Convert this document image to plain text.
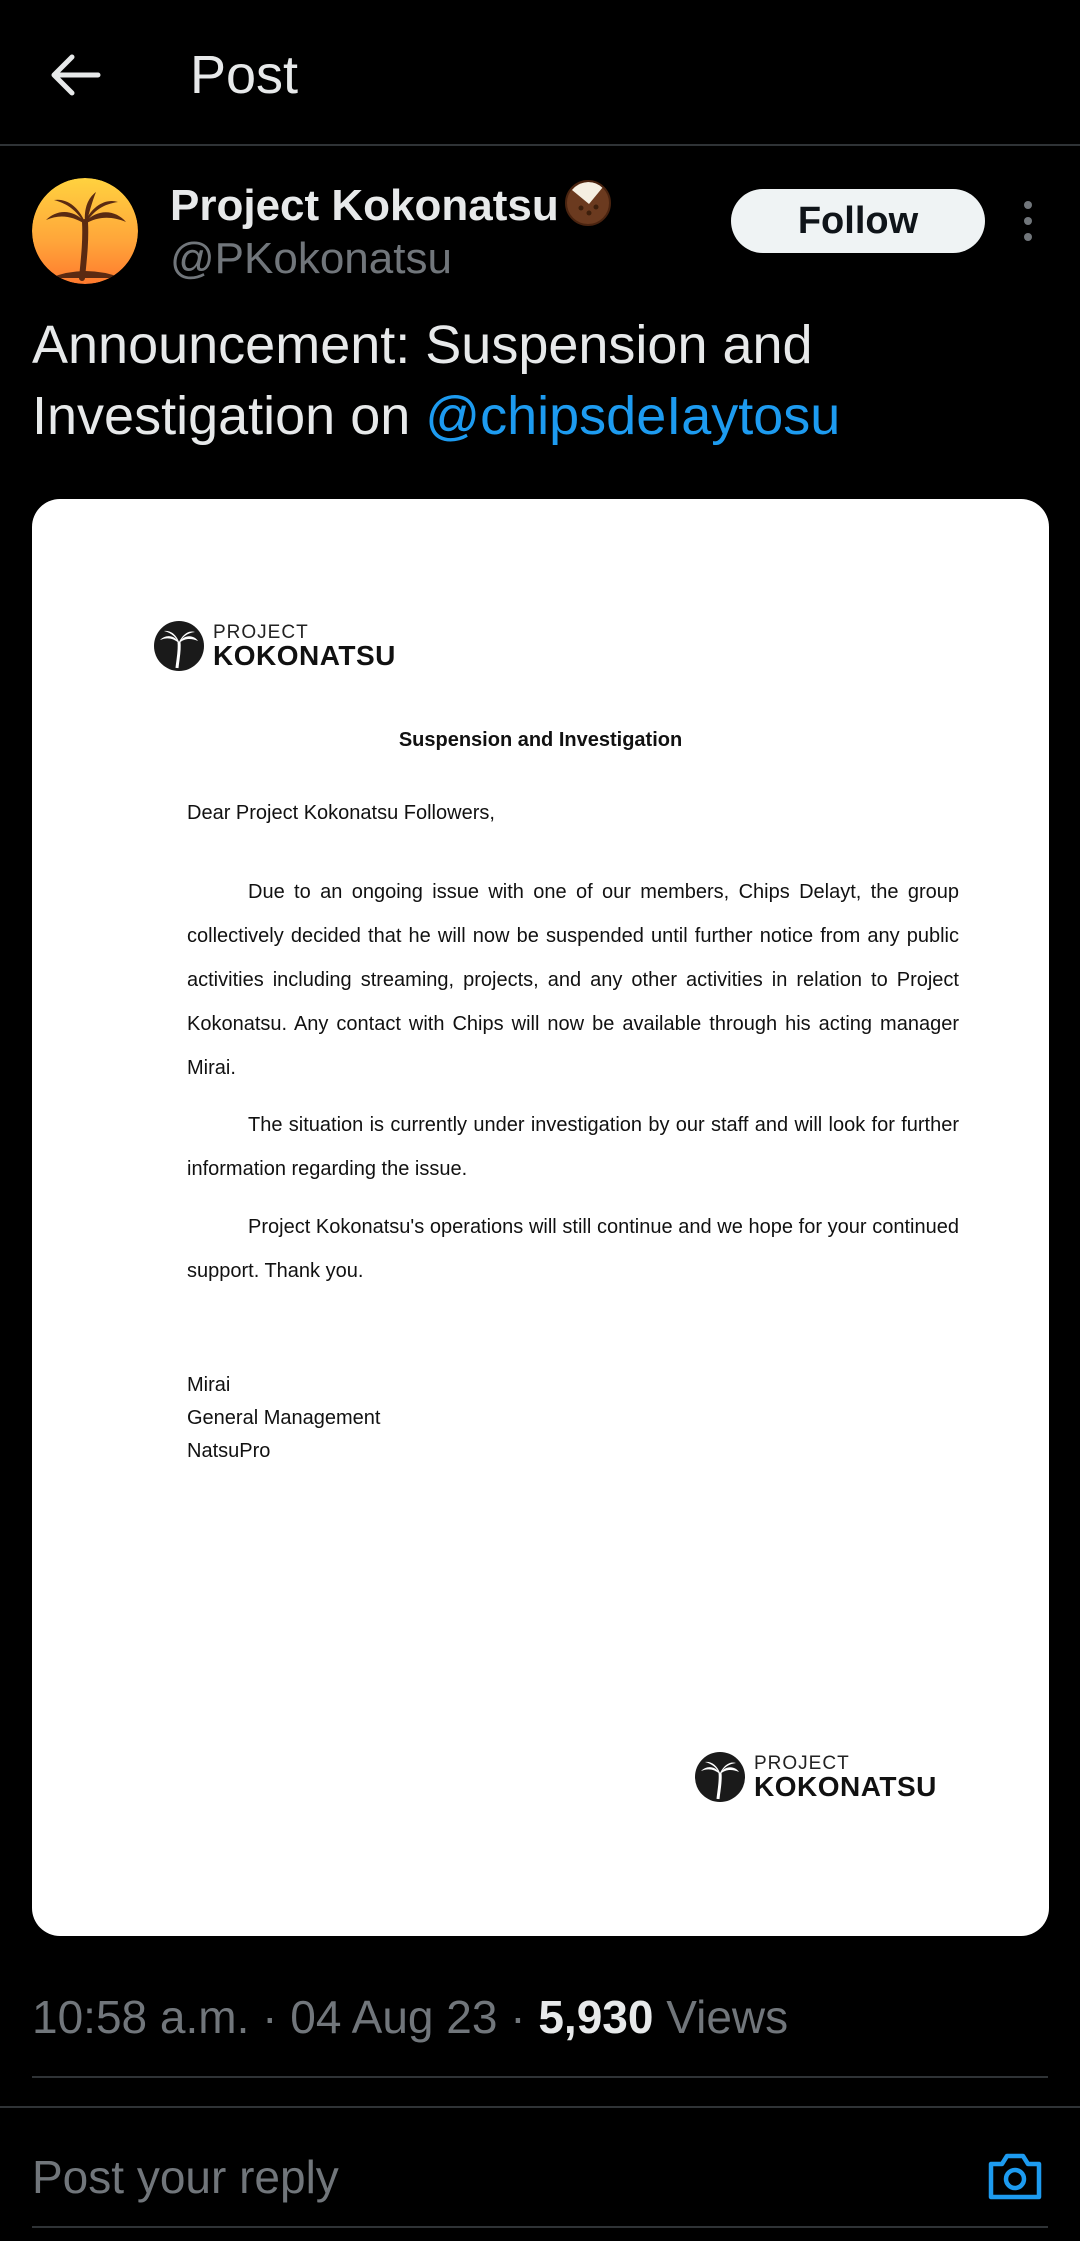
Post
Project Kokonatsu
@PKokonatsu
Follow
Announcement: Suspension and Investigation on @chipsdeIaytosu
PROJECT
KOKONATSU
Suspension and Investigation
Dear Project Kokonatsu Followers,
Due to an ongoing issue with one of our members, Chips Delayt, the group collectively decided that he will now be suspended until further notice from any public activities including streaming, projects, and any other activities in relation to Project Kokonatsu. Any contact with Chips will now be available through his acting manager Mirai.
The situation is currently under investigation by our staff and will look for further information regarding the issue.
Project Kokonatsu's operations will still continue and we hope for your continued support. Thank you.
Mirai
General Management
NatsuPro
PROJECT
KOKONATSU
10:58 a.m. · 04 Aug 23 · 5,930 Views
Post your reply
